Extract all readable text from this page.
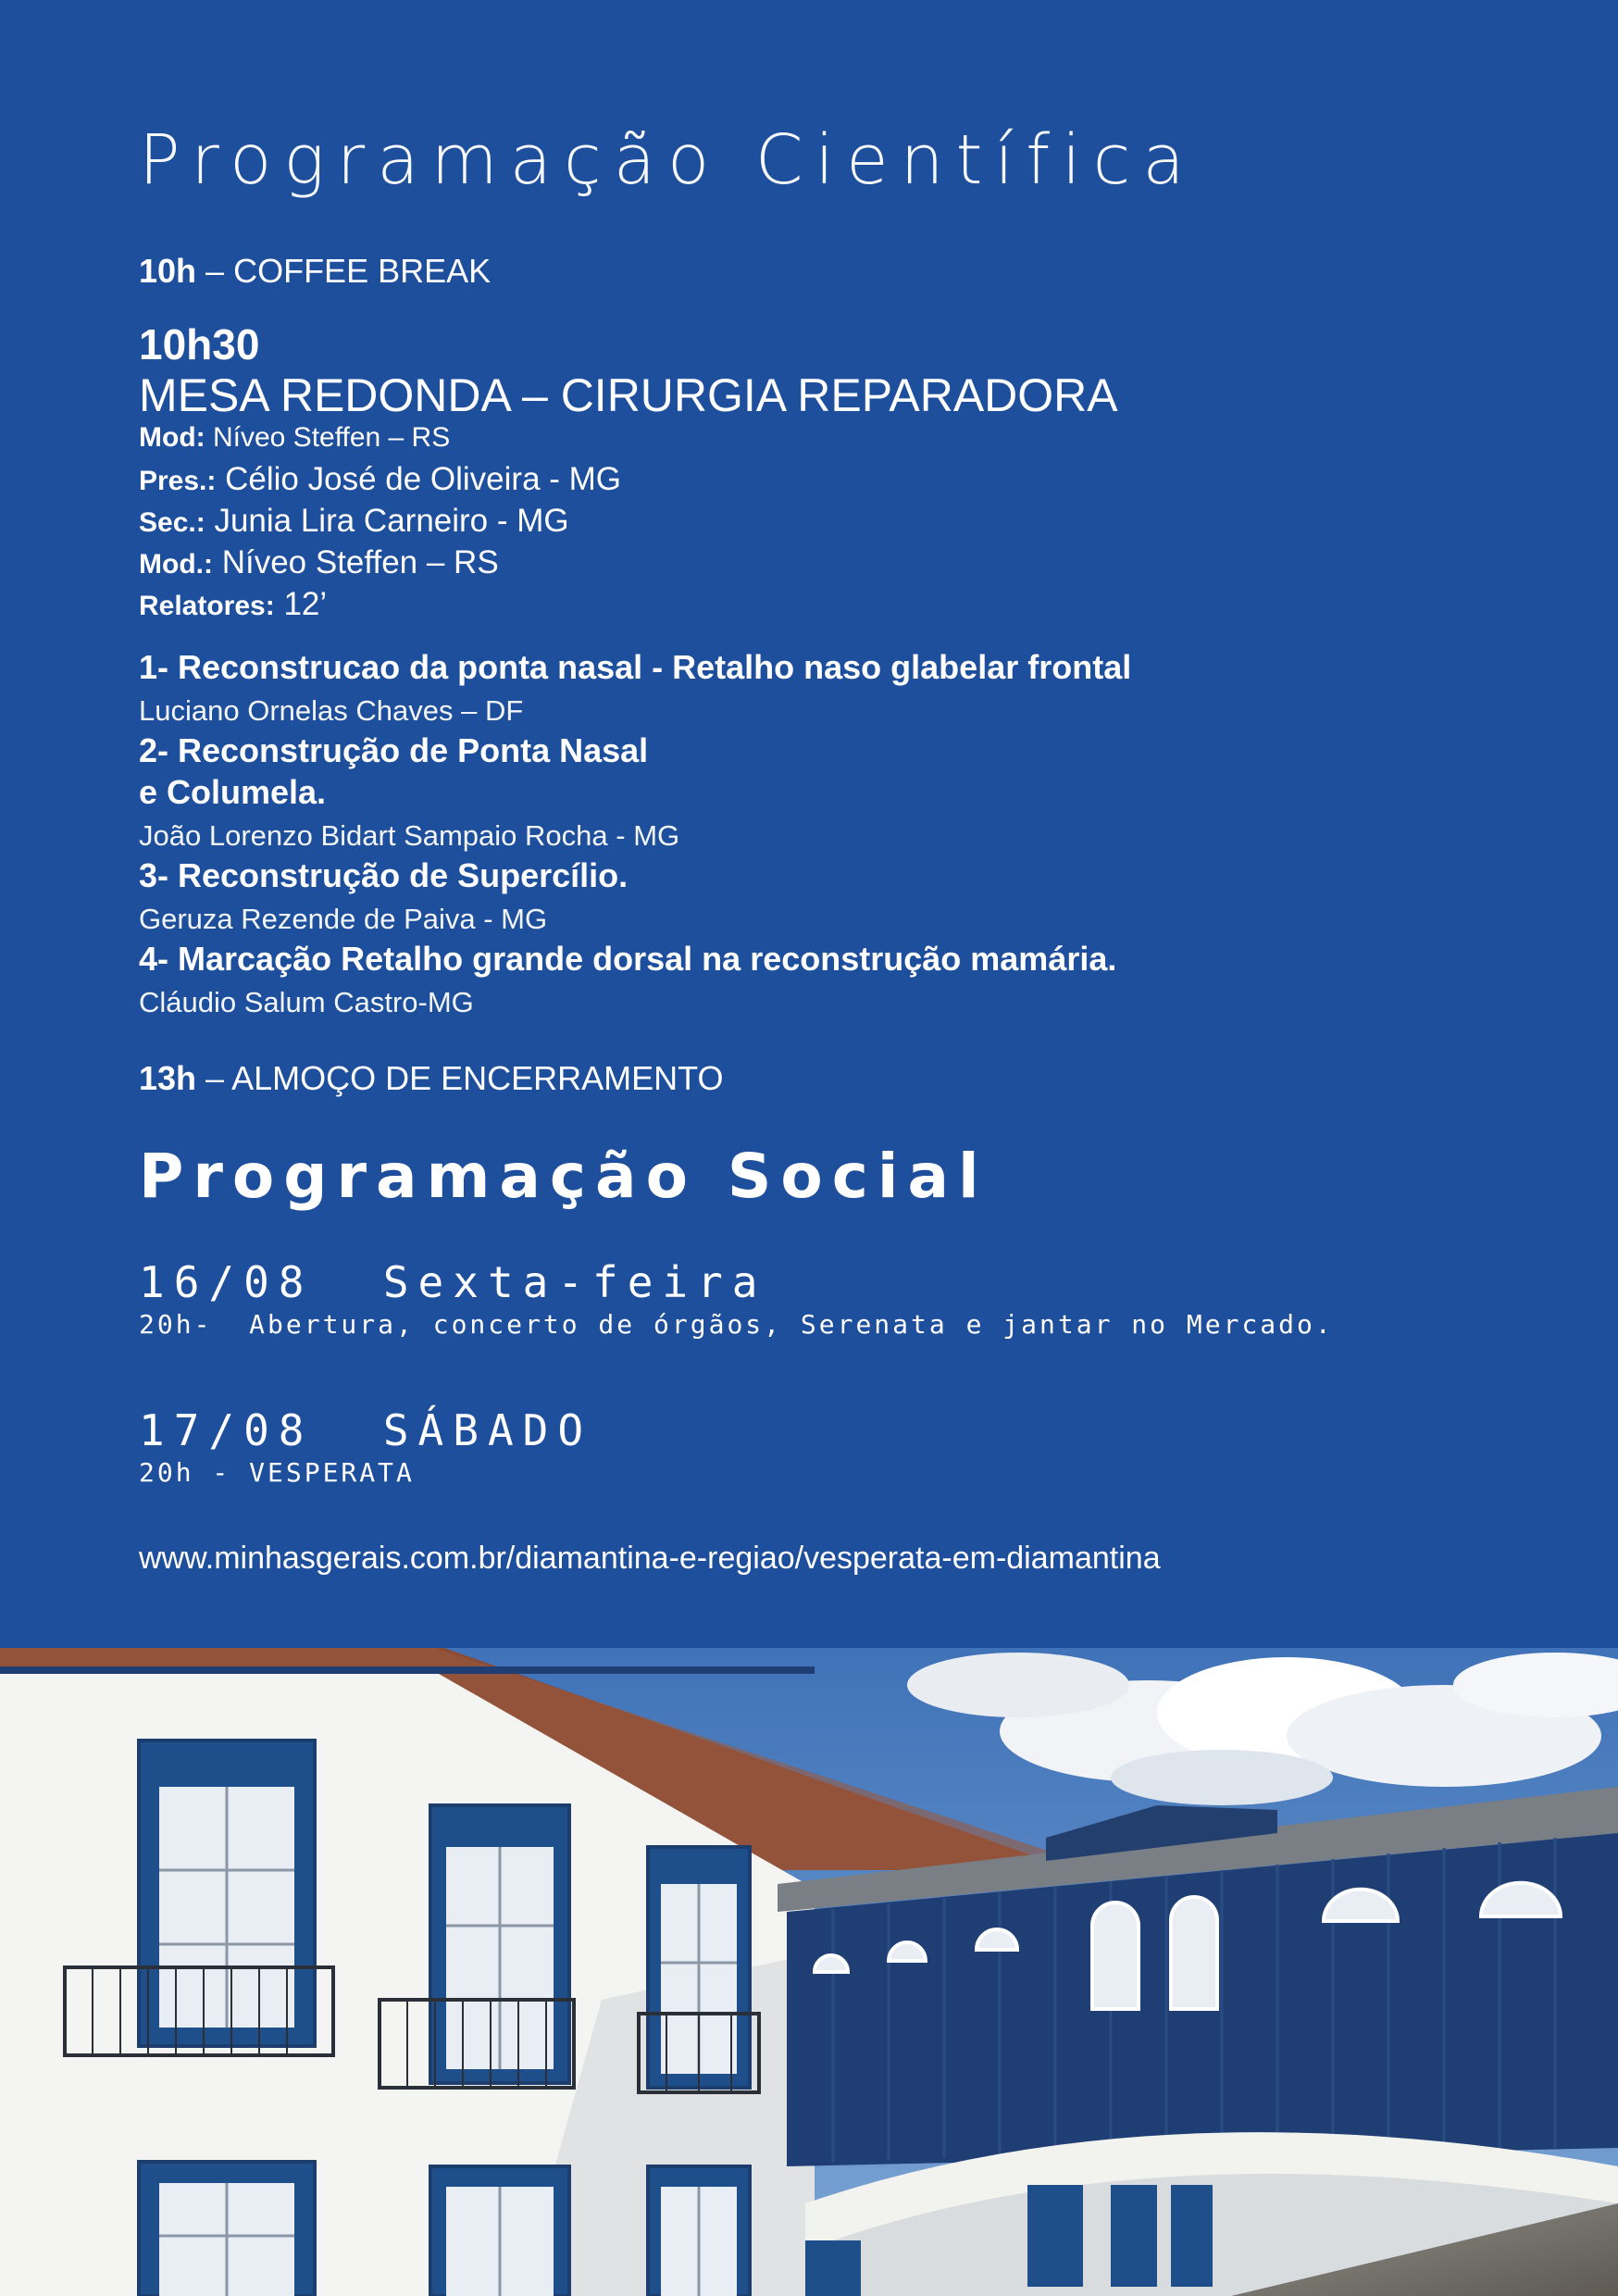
Programação Científica
10h – COFFEE BREAK
10h30
MESA REDONDA – CIRURGIA REPARADORA
Mod: Níveo Steffen – RS
Pres.: Célio José de Oliveira - MG
Sec.: Junia Lira Carneiro - MG
Mod.: Níveo Steffen – RS
Relatores: 12’
1- Reconstrucao da ponta nasal - Retalho naso glabelar frontal
Luciano Ornelas Chaves – DF
2- Reconstrução de Ponta Nasal
e Columela.
João Lorenzo Bidart Sampaio Rocha - MG
3- Reconstrução de Supercílio.
Geruza Rezende de Paiva - MG
4- Marcação Retalho grande dorsal na reconstrução mamária.
Cláudio Salum Castro-MG
13h – ALMOÇO DE ENCERRAMENTO
Programação Social
16/08  Sexta-feira
20h-  Abertura, concerto de órgãos, Serenata e jantar no Mercado.
17/08  SÁBADO
20h - VESPERATA
www.minhasgerais.com.br/diamantina-e-regiao/vesperata-em-diamantina
